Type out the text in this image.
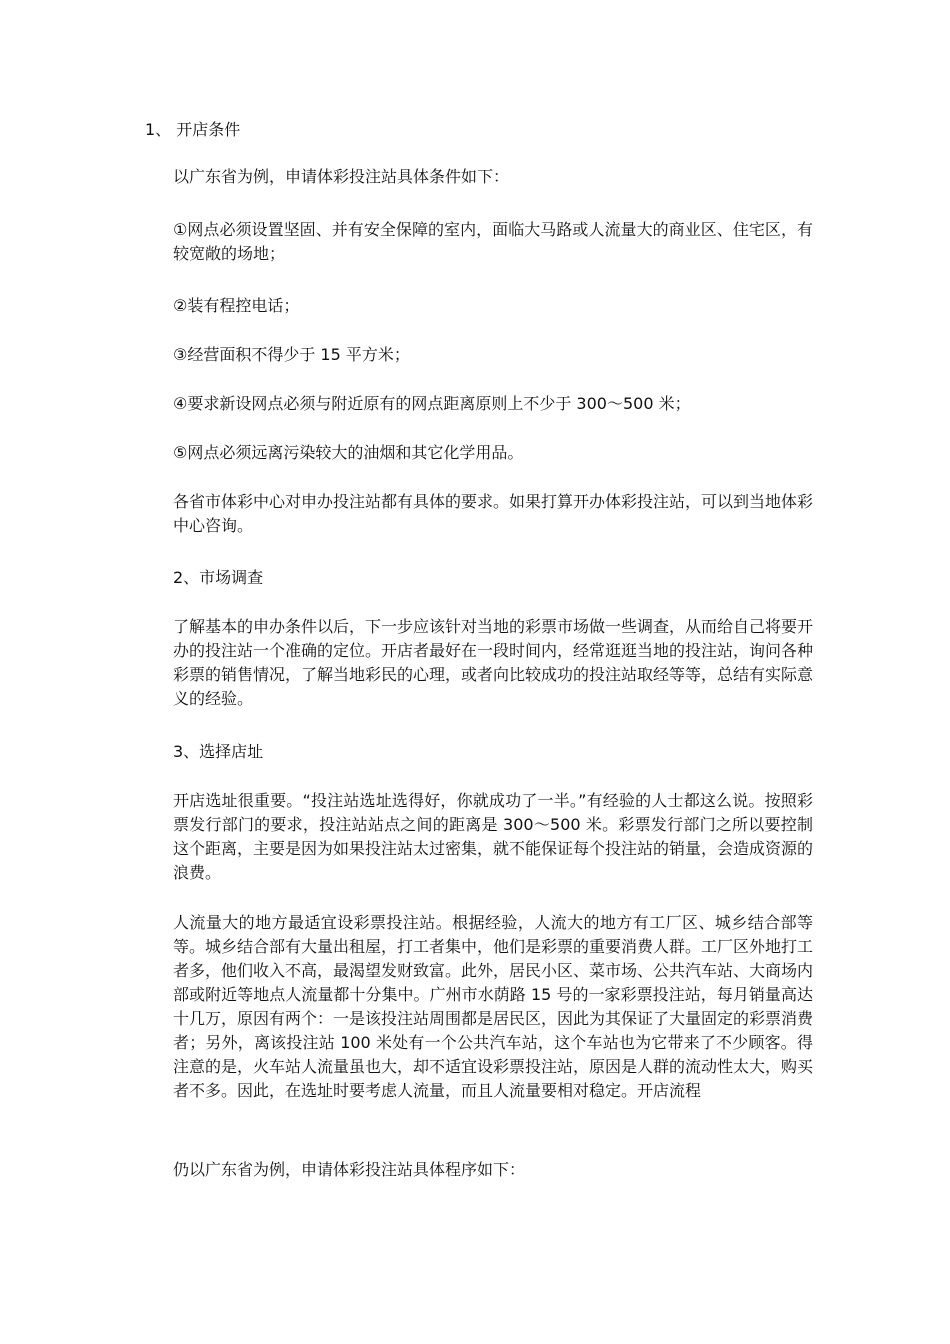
1、 开店条件

以广东省为例，申请体彩投注站具体条件如下：

①网点必须设置坚固、并有安全保障的室内，面临大马路或人流量大的商业区、住宅区，有较宽敞的场地；

②装有程控电话；

③经营面积不得少于 15 平方米；

④要求新设网点必须与附近原有的网点距离原则上不少于 300～500 米；

⑤网点必须远离污染较大的油烟和其它化学用品。

各省市体彩中心对申办投注站都有具体的要求。如果打算开办体彩投注站，可以到当地体彩中心咨询。

2、市场调查

了解基本的申办条件以后，下一步应该针对当地的彩票市场做一些调查，从而给自己将要开办的投注站一个准确的定位。开店者最好在一段时间内，经常逛逛当地的投注站，询问各种彩票的销售情况，了解当地彩民的心理，或者向比较成功的投注站取经等等，总结有实际意义的经验。

3、选择店址

开店选址很重要。“投注站选址选得好，你就成功了一半。”有经验的人士都这么说。按照彩票发行部门的要求，投注站站点之间的距离是 300～500 米。彩票发行部门之所以要控制这个距离，主要是因为如果投注站太过密集，就不能保证每个投注站的销量，会造成资源的浪费。

人流量大的地方最适宜设彩票投注站。根据经验，人流大的地方有工厂区、城乡结合部等等。城乡结合部有大量出租屋，打工者集中，他们是彩票的重要消费人群。工厂区外地打工者多，他们收入不高，最渴望发财致富。此外，居民小区、菜市场、公共汽车站、大商场内部或附近等地点人流量都十分集中。广州市水荫路 15 号的一家彩票投注站，每月销量高达十几万，原因有两个：一是该投注站周围都是居民区，因此为其保证了大量固定的彩票消费者；另外，离该投注站 100 米处有一个公共汽车站，这个车站也为它带来了不少顾客。得注意的是，火车站人流量虽也大，却不适宜设彩票投注站，原因是人群的流动性太大，购买者不多。因此，在选址时要考虑人流量，而且人流量要相对稳定。开店流程

仍以广东省为例，申请体彩投注站具体程序如下：
